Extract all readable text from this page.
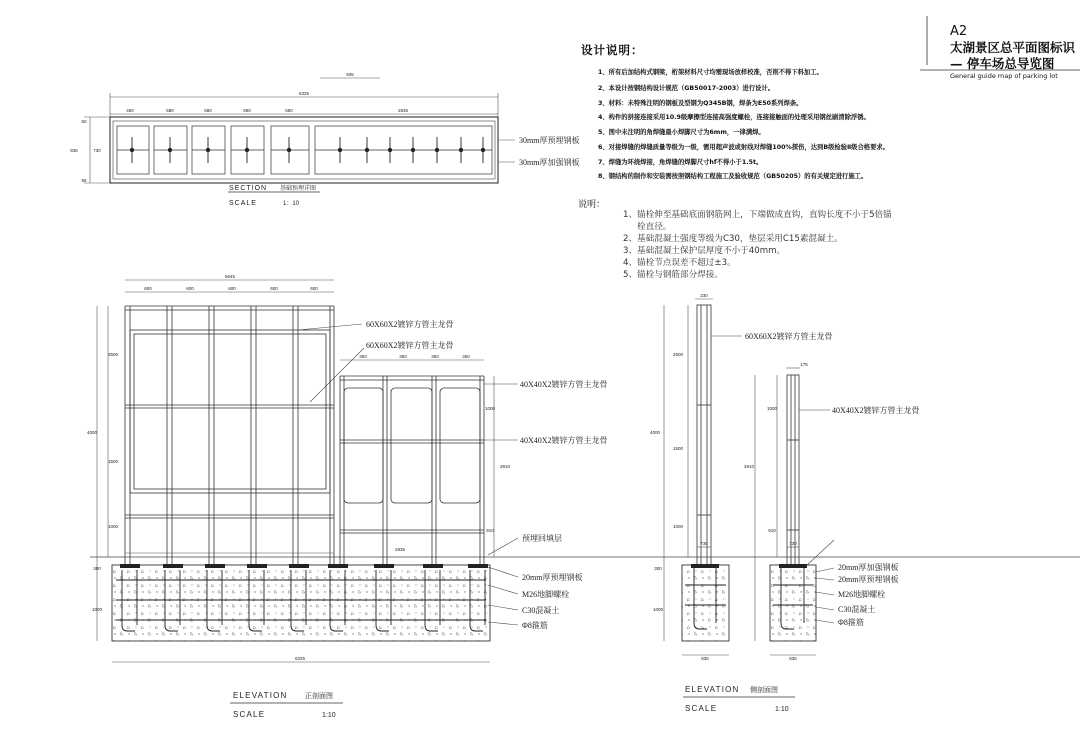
A2
太湖景区总平面图标识
— 停车场总导览图
General guide map of parking lot
设计说明：
1、所有后加结构式钢梁，桁架材料尺寸均需现场放样校准，否则不得下料加工。
2、本设计按钢结构设计规范（GB50017-2003）进行设计。
3、材料：未特殊注明的钢板及型钢为Q345B钢，焊条为E50系列焊条。
4、构件的拼接连接采用10.9级摩擦型连接高强度螺栓，连接接触面的处理采用钢丝刷清除浮锈。
5、图中未注明的角焊缝最小焊脚尺寸为6mm，一律满焊。
6、对接焊缝的焊缝质量等级为一级，需用超声波或射线对焊缝100%探伤，达到B级检验Ⅱ级合格要求。
7、焊缝为环绕焊接，角焊缝的焊脚尺寸hf不得小于1.5t。
8、钢结构的制作和安装需按照钢结构工程施工及验收规范（GB50205）的有关规定进行施工。
说明：
1、锚栓伸至基础底面钢筋网上，下端做成直钩，直钩长度不小于5倍锚
栓直径。
2、基础混凝土强度等级为C30，垫层采用C15素混凝土。
3、基础混凝土保护层厚度不小于40mm。
4、锚栓节点误差不超过±3。
5、锚栓与钢筋部分焊接。
935
6325
460	580	580	580	580	2835
50
836	730
56
30mm厚预埋钢板
30mm厚加强钢板
SECTION 基础预埋详图
SCALE	1：10
5645
600	600	600	600	600
350	350	350	350
2500
4000
1500
1000
300
1000
1000
2910
910
6325
2835
60X60X2镀锌方管主龙骨
60X60X2镀锌方管主龙骨
40X40X2镀锌方管主龙骨
40X40X2镀锌方管主龙骨
预埋回填层
20mm厚预埋钢板
M26地脚螺栓
C30混凝土
Φ8箍筋
ELEVATION 正剖面图
SCALE	1:10
230
175
2500
4000
1500
1000
300
1000
1000
2910
910
730	730
836	836
60X60X2镀锌方管主龙骨
40X40X2镀锌方管主龙骨
20mm厚加强钢板
20mm厚预埋钢板
M26地脚螺栓
C30混凝土
Φ8箍筋
ELEVATION 侧剖面图
SCALE	1:10
